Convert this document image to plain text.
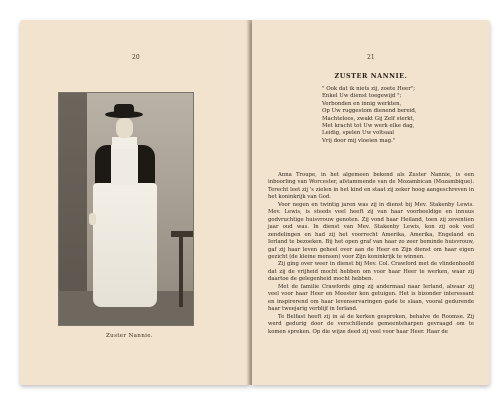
20
Zuster Nannie.
21
ZUSTER NANNIE.
" Ook dat ik niets zij, zoete Heer";
Enkel Uw dienst toegewijd ";
Verbonden en innig werkten,
Op Uw ruggestom dienend bereid,
Machteloos, zwakt Gij Zelf sterkt,
Met kracht tot Uw werk elke dag,
Leidig, spelen Uw voltsaal
Vrij door mij vloeien mag."

Anna Troupe, in het algemeen bekend als Zuster Nannie, is een inboorling van Worcester, afstammende van de Mozambican (Mozambique). Terecht leet zij 's zielen in het kind en staat zij zeker hoog aangeschreven in het koninkrijk van God.

Voor negen en twintig jaren was zij in dienst bij Mev. Stakenby Lewis. Mev. Lewis, is steeds veel heeft zij van haar voorbeeldige en innuus godvruchtige huisvrouw genoten. Zij vond haar Heiland, toen zij zeventien jaar oud was. In dienst van Mev. Stakenby Lewis, kon zij ook veel zendelingen en had zij het voorrecht Amerika, Amerika, Engeland en Ierland te bezoeken. Bij het open graf van haar zo zeer beminde huisvrouw, gaf zij haar leven geheel over aan de Heer en Zijn dienst om haar eigen gezicht (de kleine mensen) voor Zijn koninkrijk te winnen.

Zij ging over weer in dienst bij Mev. Col. Crawford met de vlindenhoofd dat zij de vrijheid mocht hebben om voor haar Heer te werken, waar zij daartoe de gelegenheid mocht hebben.

Met de familie Crawfords ging zij andermaal naar Ierland, alwaar zij veel voor haar Heer en Meester kon getuigen. Het is bizonder interessant en inspirerend om haar levenservaringen gade te slaan, vooral gedurende haar tweejarig verblijf in Ierland.

Te Belfast heeft zij in al de kerken gesproken, behalve de Roomse. Zij werd gedurig door de verschillende gemeenteharpen gevraagd om te komen spreken. Op die wijze deed zij veel voor haar Heer. Haar de
